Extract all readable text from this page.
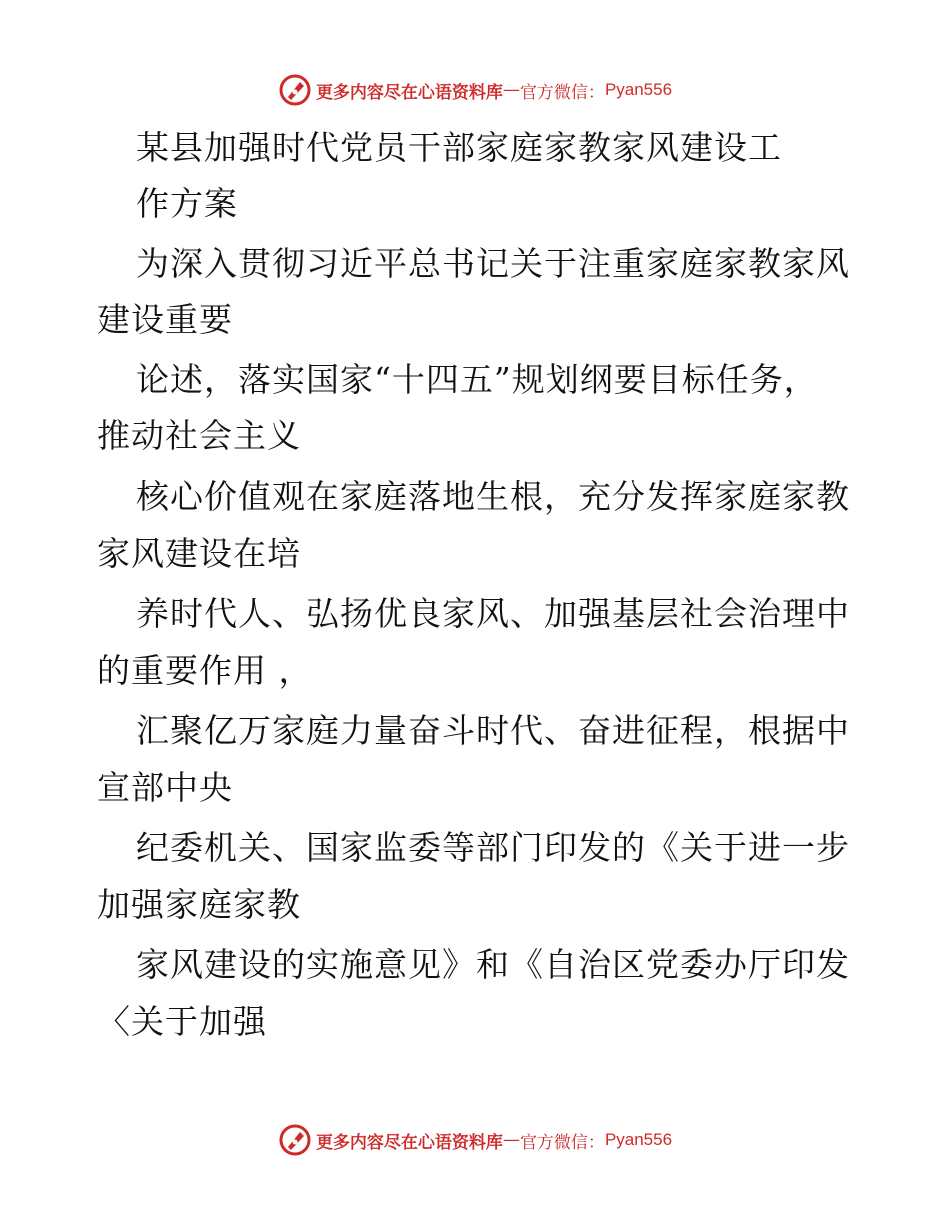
更多内容尽在心语资料库 — 官方微信： Pyan556
某县加强时代党员干部家庭家教家风建设工
作方案
为深入贯彻习近平总书记关于注重家庭家教家风
建设重要
论述，落实国家“十四五”规划纲要目标任务，
推动社会主义
核心价值观在家庭落地生根，充分发挥家庭家教
家风建设在培
养时代人、弘扬优良家风、加强基层社会治理中
的重要作用 ，
汇聚亿万家庭力量奋斗时代、奋进征程，根据中
宣部中央
纪委机关、国家监委等部门印发的《关于进一步
加强家庭家教
家风建设的实施意见》和《自治区党委办厅印发
〈关于加强
更多内容尽在心语资料库 — 官方微信： Pyan556
